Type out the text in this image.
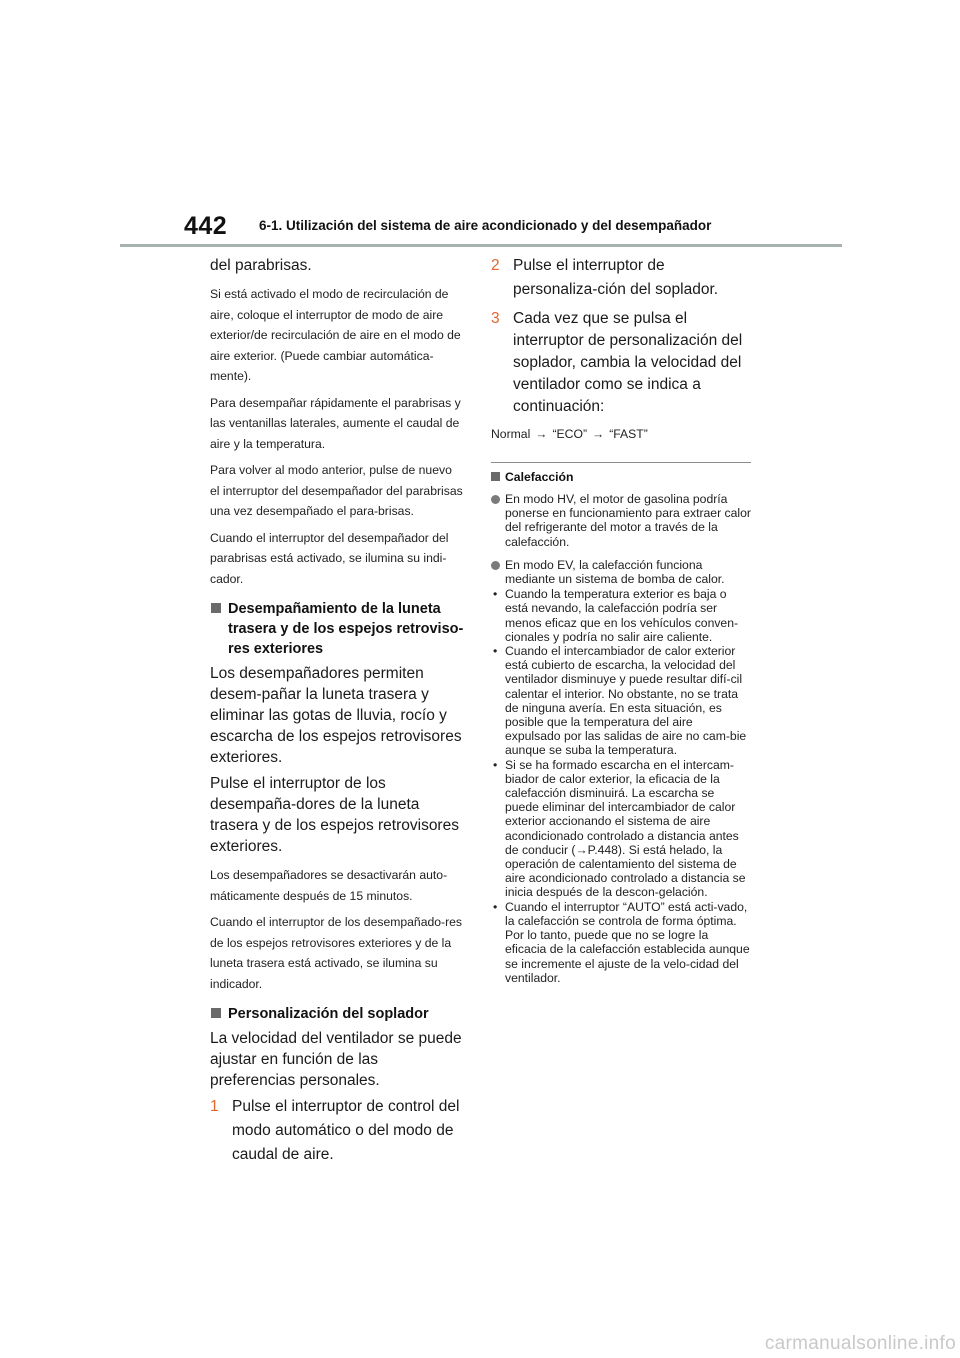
442 6-1. Utilización del sistema de aire acondicionado y del desempañador

del parabrisas.

Si está activado el modo de recirculación de aire, coloque el interruptor de modo de aire exterior/de recirculación de aire en el modo de aire exterior. (Puede cambiar automática-mente).

Para desempañar rápidamente el parabrisas y las ventanillas laterales, aumente el caudal de aire y la temperatura.

Para volver al modo anterior, pulse de nuevo el interruptor del desempañador del parabrisas una vez desempañado el para-brisas.

Cuando el interruptor del desempañador del parabrisas está activado, se ilumina su indi-cador.

Desempañamiento de la luneta trasera y de los espejos retroviso-res exteriores

Los desempañadores permiten desem-pañar la luneta trasera y eliminar las gotas de lluvia, rocío y escarcha de los espejos retrovisores exteriores.

Pulse el interruptor de los desempaña-dores de la luneta trasera y de los espejos retrovisores exteriores.

Los desempañadores se desactivarán auto-máticamente después de 15 minutos.

Cuando el interruptor de los desempañado-res de los espejos retrovisores exteriores y de la luneta trasera está activado, se ilumina su indicador.

Personalización del soplador

La velocidad del ventilador se puede ajustar en función de las preferencias personales.

1 Pulse el interruptor de control del modo automático o del modo de caudal de aire.
2 Pulse el interruptor de personaliza-ción del soplador.
3 Cada vez que se pulsa el interruptor de personalización del soplador, cambia la velocidad del ventilador como se indica a continuación:
Normal → “ECO” → “FAST”
Calefacción
En modo HV, el motor de gasolina podría ponerse en funcionamiento para extraer calor del refrigerante del motor a través de la calefacción.
En modo EV, la calefacción funciona mediante un sistema de bomba de calor.
• Cuando la temperatura exterior es baja o está nevando, la calefacción podría ser menos eficaz que en los vehículos conven-cionales y podría no salir aire caliente.
• Cuando el intercambiador de calor exterior está cubierto de escarcha, la velocidad del ventilador disminuye y puede resultar difí-cil calentar el interior. No obstante, no se trata de ninguna avería. En esta situación, es posible que la temperatura del aire expulsado por las salidas de aire no cam-bie aunque se suba la temperatura.
• Si se ha formado escarcha en el intercam-biador de calor exterior, la eficacia de la calefacción disminuirá. La escarcha se puede eliminar del intercambiador de calor exterior accionando el sistema de aire acondicionado controlado a distancia antes de conducir (→P.448). Si está helado, la operación de calentamiento del sistema de aire acondicionado controlado a distancia se inicia después de la descon-gelación.
• Cuando el interruptor “AUTO” está acti-vado, la calefacción se controla de forma óptima. Por lo tanto, puede que no se logre la eficacia de la calefacción establecida aunque se incremente el ajuste de la velo-cidad del ventilador.
carmanualsonline.info
